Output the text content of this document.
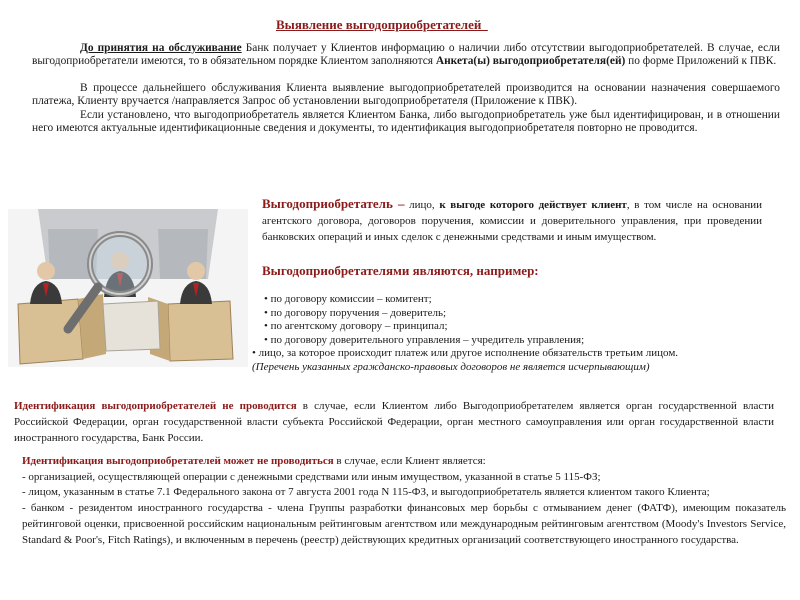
Выявление выгодоприобретателей

До принятия на обслуживание Банк получает у Клиентов информацию о наличии либо отсутствии выгодоприобретателей. В случае, если выгодоприобретатели имеются, то в обязательном порядке Клиентом заполняются Анкета(ы) выгодоприобретателя(ей) по форме Приложений к ПВК.

В процессе дальнейшего обслуживания Клиента выявление выгодоприобретателей производится на основании назначения совершаемого платежа, Клиенту вручается /направляется Запрос об установлении выгодоприобретателя (Приложение к ПВК).

Если установлено, что выгодоприобретатель является Клиентом Банка, либо выгодоприобретатель уже был идентифицирован, и в отношении него имеются актуальные идентификационные сведения и документы, то идентификация выгодоприобретателя повторно не проводится.

Выгодоприобретатель – лицо, к выгоде которого действует клиент, в том числе на основании агентского договора, договоров поручения, комиссии и доверительного управления, при проведении банковских операций и иных сделок с денежными средствами и иным имуществом.

Выгодоприобретателями являются, например:
• по договору комиссии – комитент;
• по договору поручения – доверитель;
• по агентскому договору – принципал;
• по договору доверительного управления – учредитель управления;
• лицо, за которое происходит платеж или другое исполнение обязательств третьим лицом.
(Перечень указанных гражданско-правовых договоров не является исчерпывающим)

Идентификация выгодоприобретателей не проводится в случае, если Клиентом либо Выгодоприобретателем является орган государственной власти Российской Федерации, орган государственной власти субъекта Российской Федерации, орган местного самоуправления или орган государственной власти иностранного государства, Банк России.

Идентификация выгодоприобретателей может не проводиться в случае, если Клиент является:
- организацией, осуществляющей операции с денежными средствами или иным имуществом, указанной в статье 5 115-ФЗ;
- лицом, указанным в статье 7.1 Федерального закона от 7 августа 2001 года N 115-ФЗ, и выгодоприобретатель является клиентом такого Клиента;
- банком - резидентом иностранного государства - члена Группы разработки финансовых мер борьбы с отмыванием денег (ФАТФ), имеющим показатель рейтинговой оценки, присвоенной российским национальным рейтинговым агентством или международным рейтинговым агентством (Moody's Investors Service, Standard & Poor's, Fitch Ratings), и включенным в перечень (реестр) действующих кредитных организаций соответствующего иностранного государства.
